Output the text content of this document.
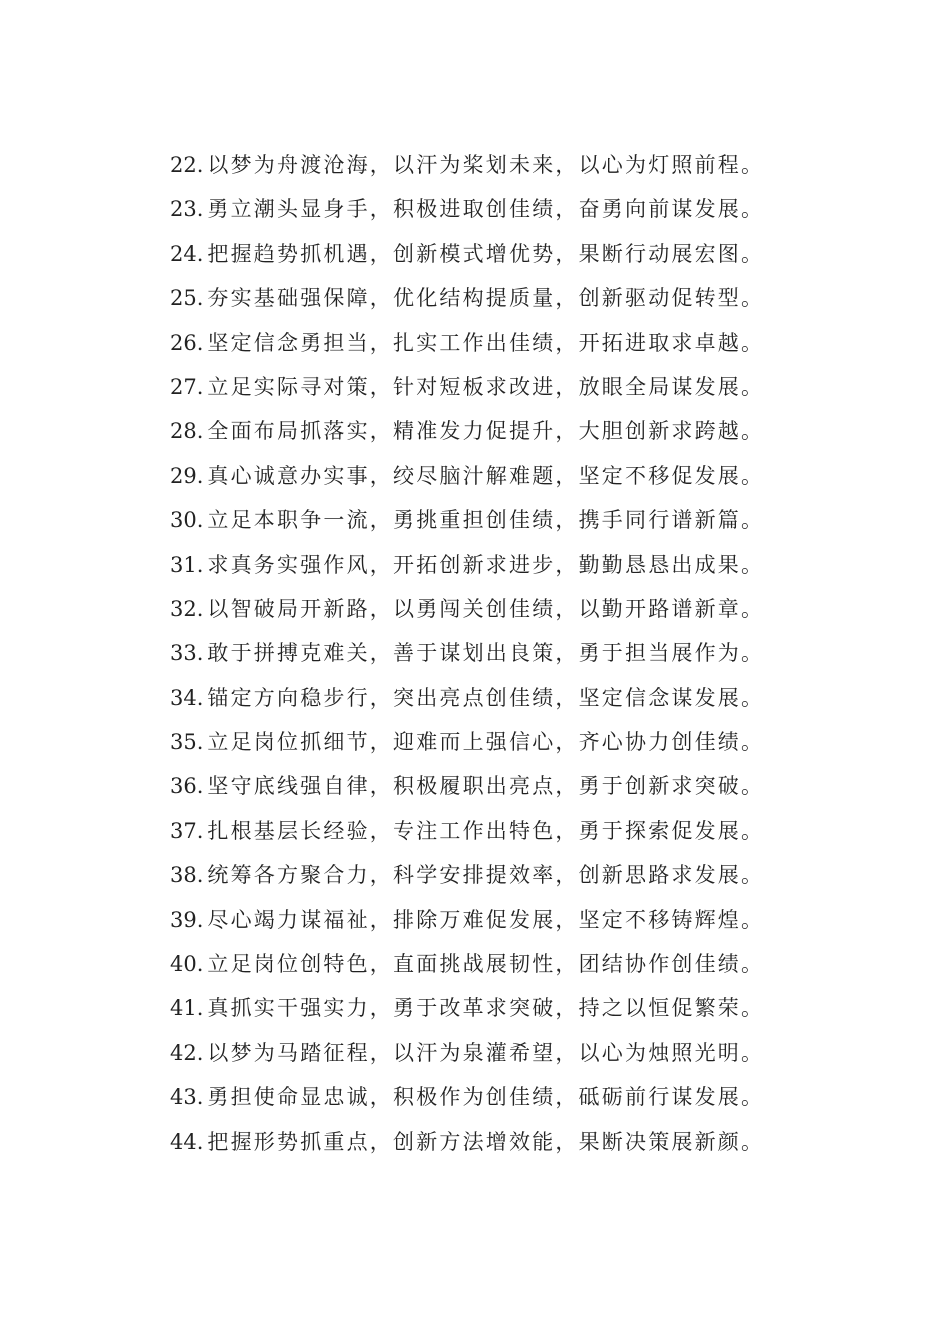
22. 以梦为舟渡沧海，以汗为桨划未来，以心为灯照前程。
23. 勇立潮头显身手，积极进取创佳绩，奋勇向前谋发展。
24. 把握趋势抓机遇，创新模式增优势，果断行动展宏图。
25. 夯实基础强保障，优化结构提质量，创新驱动促转型。
26. 坚定信念勇担当，扎实工作出佳绩，开拓进取求卓越。
27. 立足实际寻对策，针对短板求改进，放眼全局谋发展。
28. 全面布局抓落实，精准发力促提升，大胆创新求跨越。
29. 真心诚意办实事，绞尽脑汁解难题，坚定不移促发展。
30. 立足本职争一流，勇挑重担创佳绩，携手同行谱新篇。
31. 求真务实强作风，开拓创新求进步，勤勤恳恳出成果。
32. 以智破局开新路，以勇闯关创佳绩，以勤开路谱新章。
33. 敢于拼搏克难关，善于谋划出良策，勇于担当展作为。
34. 锚定方向稳步行，突出亮点创佳绩，坚定信念谋发展。
35. 立足岗位抓细节，迎难而上强信心，齐心协力创佳绩。
36. 坚守底线强自律，积极履职出亮点，勇于创新求突破。
37. 扎根基层长经验，专注工作出特色，勇于探索促发展。
38. 统筹各方聚合力，科学安排提效率，创新思路求发展。
39. 尽心竭力谋福祉，排除万难促发展，坚定不移铸辉煌。
40. 立足岗位创特色，直面挑战展韧性，团结协作创佳绩。
41. 真抓实干强实力，勇于改革求突破，持之以恒促繁荣。
42. 以梦为马踏征程，以汗为泉灌希望，以心为烛照光明。
43. 勇担使命显忠诚，积极作为创佳绩，砥砺前行谋发展。
44. 把握形势抓重点，创新方法增效能，果断决策展新颜。
